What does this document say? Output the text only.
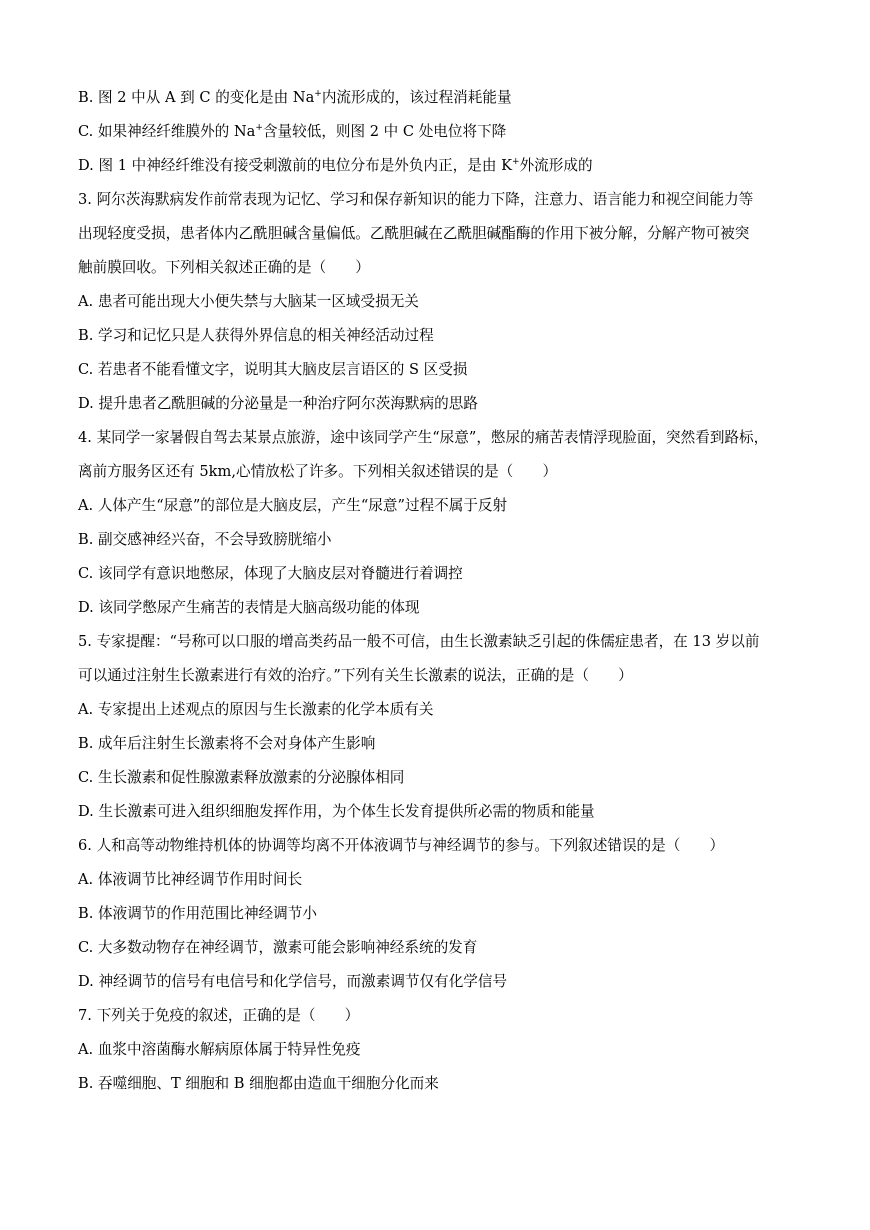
B. 图 2 中从 A 到 C 的变化是由 Na+内流形成的，该过程消耗能量
C. 如果神经纤维膜外的 Na+含量较低，则图 2 中 C 处电位将下降
D. 图 1 中神经纤维没有接受刺激前的电位分布是外负内正，是由 K+外流形成的
3. 阿尔茨海默病发作前常表现为记忆、学习和保存新知识的能力下降，注意力、语言能力和视空间能力等
出现轻度受损，患者体内乙酰胆碱含量偏低。乙酰胆碱在乙酰胆碱酯酶的作用下被分解，分解产物可被突
触前膜回收。下列相关叙述正确的是（　　）
A. 患者可能出现大小便失禁与大脑某一区域受损无关
B. 学习和记忆只是人获得外界信息的相关神经活动过程
C. 若患者不能看懂文字，说明其大脑皮层言语区的 S 区受损
D. 提升患者乙酰胆碱的分泌量是一种治疗阿尔茨海默病的思路
4. 某同学一家暑假自驾去某景点旅游，途中该同学产生“尿意”，憋尿的痛苦表情浮现脸面，突然看到路标，
离前方服务区还有 5km,心情放松了许多。下列相关叙述错误的是（　　）
A. 人体产生“尿意”的部位是大脑皮层，产生“尿意”过程不属于反射
B. 副交感神经兴奋，不会导致膀胱缩小
C. 该同学有意识地憋尿，体现了大脑皮层对脊髓进行着调控
D. 该同学憋尿产生痛苦的表情是大脑高级功能的体现
5. 专家提醒：“号称可以口服的增高类药品一般不可信，由生长激素缺乏引起的侏儒症患者，在 13 岁以前
可以通过注射生长激素进行有效的治疗。”下列有关生长激素的说法，正确的是（　　）
A. 专家提出上述观点的原因与生长激素的化学本质有关
B. 成年后注射生长激素将不会对身体产生影响
C. 生长激素和促性腺激素释放激素的分泌腺体相同
D. 生长激素可进入组织细胞发挥作用，为个体生长发育提供所必需的物质和能量
6. 人和高等动物维持机体的协调等均离不开体液调节与神经调节的参与。下列叙述错误的是（　　）
A. 体液调节比神经调节作用时间长
B. 体液调节的作用范围比神经调节小
C. 大多数动物存在神经调节，激素可能会影响神经系统的发育
D. 神经调节的信号有电信号和化学信号，而激素调节仅有化学信号
7. 下列关于免疫的叙述，正确的是（　　）
A. 血浆中溶菌酶水解病原体属于特异性免疫
B. 吞噬细胞、T 细胞和 B 细胞都由造血干细胞分化而来
